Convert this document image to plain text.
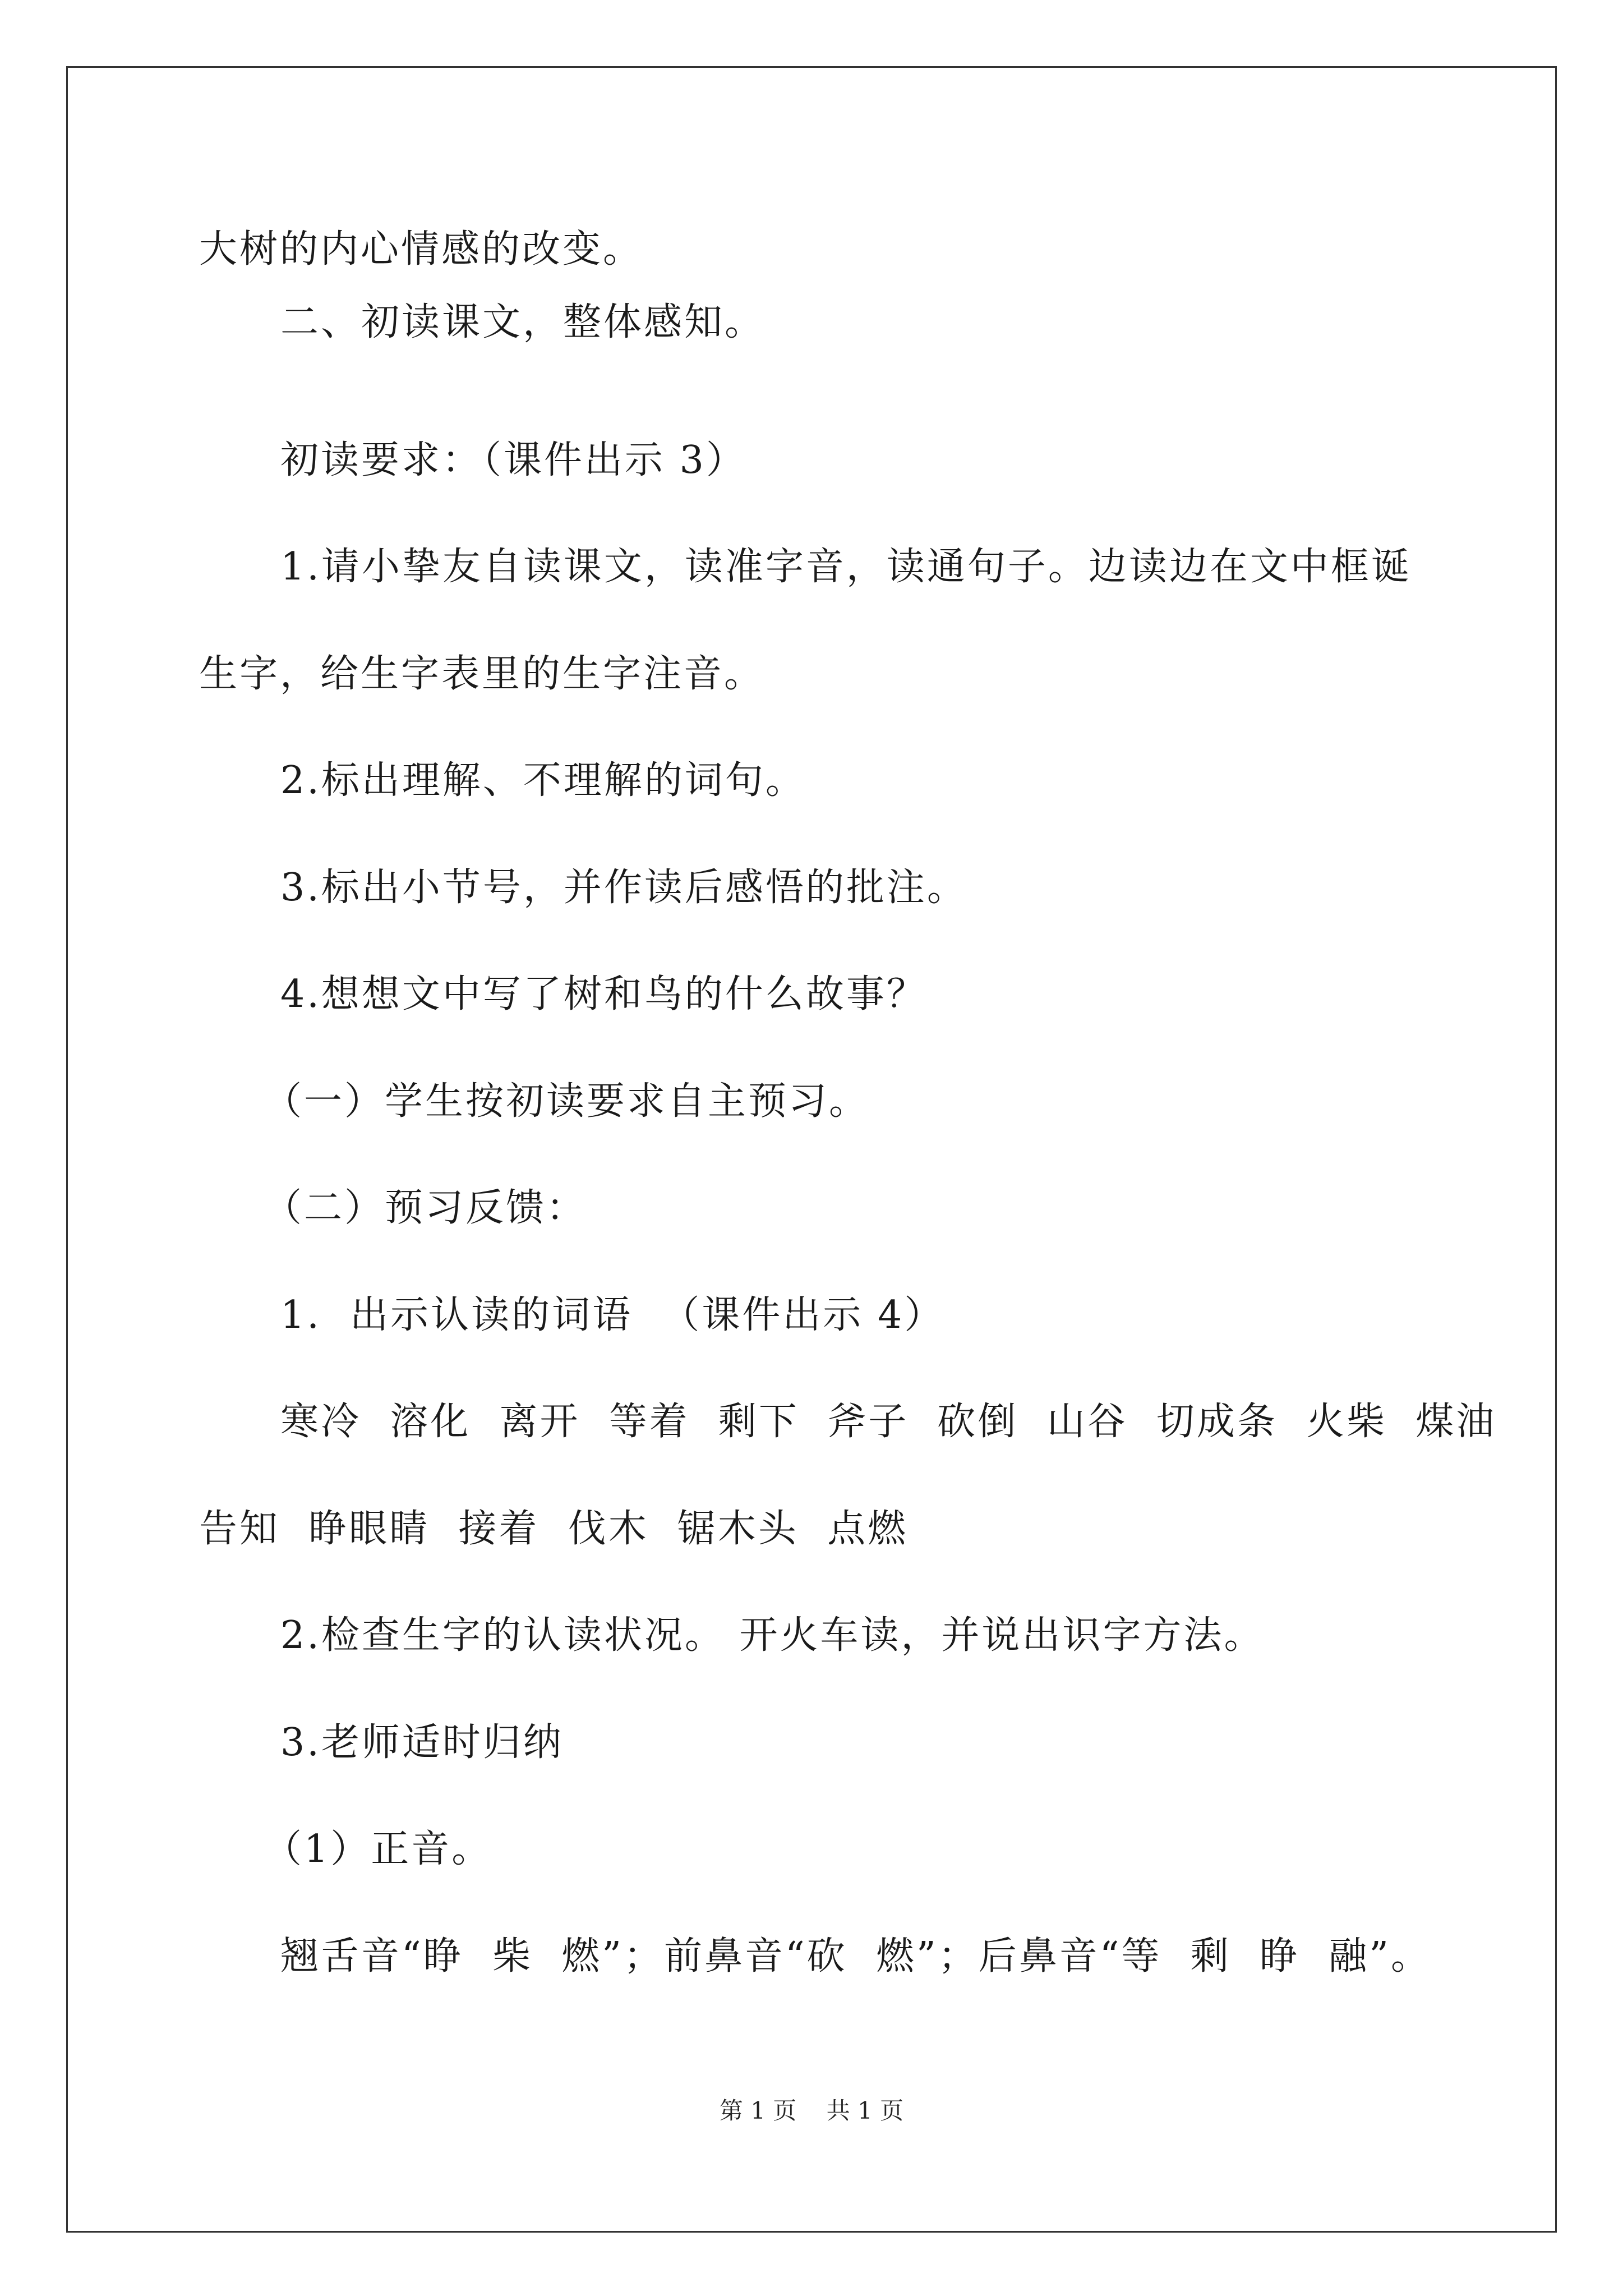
大树的内心情感的改变。
二、初读课文，整体感知。
初读要求：（课件出示 3）
1.请小挚友自读课文，读准字音，读通句子。边读边在文中框诞
生字，给生字表里的生字注音。
2.标出理解、不理解的词句。
3.标出小节号，并作读后感悟的批注。
4.想想文中写了树和鸟的什么故事？
（一）学生按初读要求自主预习。
（二）预习反馈：
1.  出示认读的词语  （课件出示 4）
寒冷  溶化  离开  等着  剩下  斧子  砍倒  山谷  切成条  火柴  煤油
告知  睁眼睛  接着  伐木  锯木头  点燃
2.检查生字的认读状况。 开火车读，并说出识字方法。
3.老师适时归纳
（1）正音。
翘舌音“睁  柴  燃”；前鼻音“砍  燃”；后鼻音“等  剩  睁  融”。
第 1 页    共 1 页
